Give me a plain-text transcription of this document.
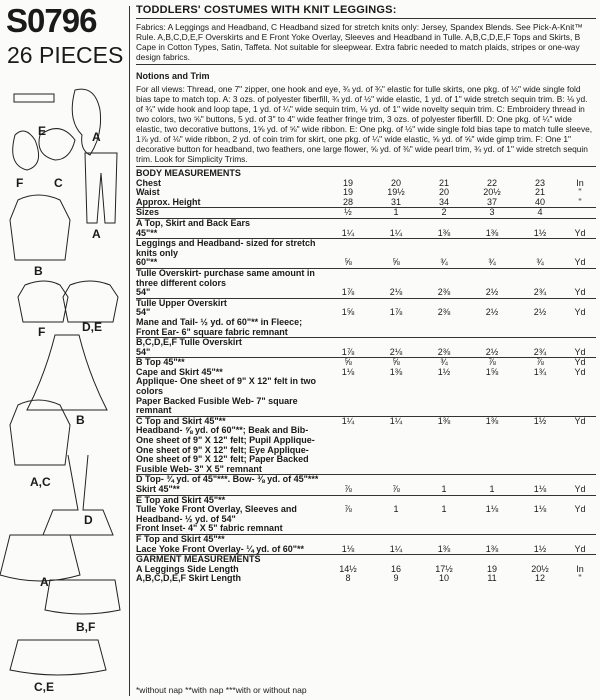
S0796
26 PIECES
E	A
F	C
B
A
F	D,E
B
A,C
D
A
B,F
C,E
TODDLERS' COSTUMES WITH KNIT LEGGINGS:
Fabrics: A Leggings and Headband, C Headband sized for stretch knits only: Jersey, Spandex Blends. See Pick-A-Knit™ Rule. A,B,C,D,E,F Overskirts and E Front Yoke Overlay, Sleeves and Headband in Tulle. A,B,C,D,E,F Tops and Skirts, B Cape in Cotton Types, Satin, Taffeta. Not suitable for sleepwear. Extra fabric needed to match plaids, stripes or one-way design fabrics.
Notions and Trim
For all views: Thread, one 7" zipper, one hook and eye, ¾ yd. of ¾" elastic for tulle skirts, one pkg. of ½" wide single fold bias tape to match top. A: 3 ozs. of polyester fiberfill, ¾ yd. of ½" wide elastic, 1 yd. of 1" wide stretch sequin trim. B: ⅛ yd. of ¾" wide hook and loop tape, 1 yd. of ¼" wide sequin trim, ⅛ yd. of 1" wide novelty sequin trim. C: Embroidery thread in two colors, two ⅝" buttons, 5 yd. of 3" to 4" wide feather fringe trim, 3 ozs. of polyester fiberfill. D: One pkg. of ¼" wide elastic, two decorative buttons, 1⅝ yd. of ⅝" wide ribbon. E: One pkg. of ½" wide single fold bias tape to match tulle sleeve, 1⅞ yd. of ⅛" wide ribbon, 2 yd. of coin trim for skirt, one pkg. of ¼" wide elastic, ⅝ yd. of ⅝" wide gimp trim. F: One 1" decorative button for headband, two feathers, one large flower, ⅝ yd. of ⅜" wide pearl trim, ¾ yd. of 1" wide stretch sequin trim. Look for Simplicity Trims.
BODY MEASUREMENTS						
Chest	19	20	21	22	23	In
Waist	19	19½	20	20½	21	"
Approx. Height	28	31	34	37	40	"
Sizes	½	1	2	3	4	
A Top, Skirt and Back Ears						
45"**	1¼	1¼	1⅜	1⅜	1½	Yd
Leggings and Headband- sized for stretch knits only						
60"**	⅝	⅝	¾	¾	¾	Yd
Tulle Overskirt- purchase same amount in three different colors						
54"	1⅞	2⅛	2⅜	2½	2¾	Yd
Tulle Upper Overskirt						
54"	1⅝	1⅞	2⅜	2½	2½	Yd
Mane and Tail- ½ yd. of 60"** in Fleece; Front Ear- 6" square fabric remnant						
B,C,D,E,F Tulle Overskirt						
54"	1⅞	2⅛	2⅜	2½	2¾	Yd
B Top 45"**	⅝	⅝	¾	⅞	⅞	Yd
Cape and Skirt 45"**	1⅛	1⅜	1½	1⅝	1¾	Yd
Applique- One sheet of 9" X 12" felt in two colors						
Paper Backed Fusible Web- 7" square remnant						
C Top and Skirt 45"**	1¼	1¼	1⅜	1⅜	1½	Yd
Headband- ⅝ yd. of 60"**; Beak and Bib- One sheet of 9" X 12" felt; Pupil Applique- One sheet of 9" X 12" felt; Eye Applique- One sheet of 9" X 12" felt; Paper Backed Fusible Web- 3" X 5" remnant						
D Top- ¾ yd. of 45"***. Bow- ⅜ yd. of 45"***						
Skirt 45"**	⅞	⅞	1	1	1⅛	Yd
E Top and Skirt 45"**						
Tulle Yoke Front Overlay, Sleeves and Headband- ½ yd. of 54"	⅞	1	1	1⅛	1⅛	Yd
Front Inset- 4" X 5" fabric remnant						
F Top and Skirt 45"**						
Lace Yoke Front Overlay- ¼ yd. of 60"**	1⅛	1¼	1⅜	1⅜	1½	Yd
GARMENT MEASUREMENTS						
A Leggings Side Length	14½	16	17½	19	20½	In
A,B,C,D,E,F Skirt Length	8	9	10	11	12	"
*without nap **with nap ***with or without nap
